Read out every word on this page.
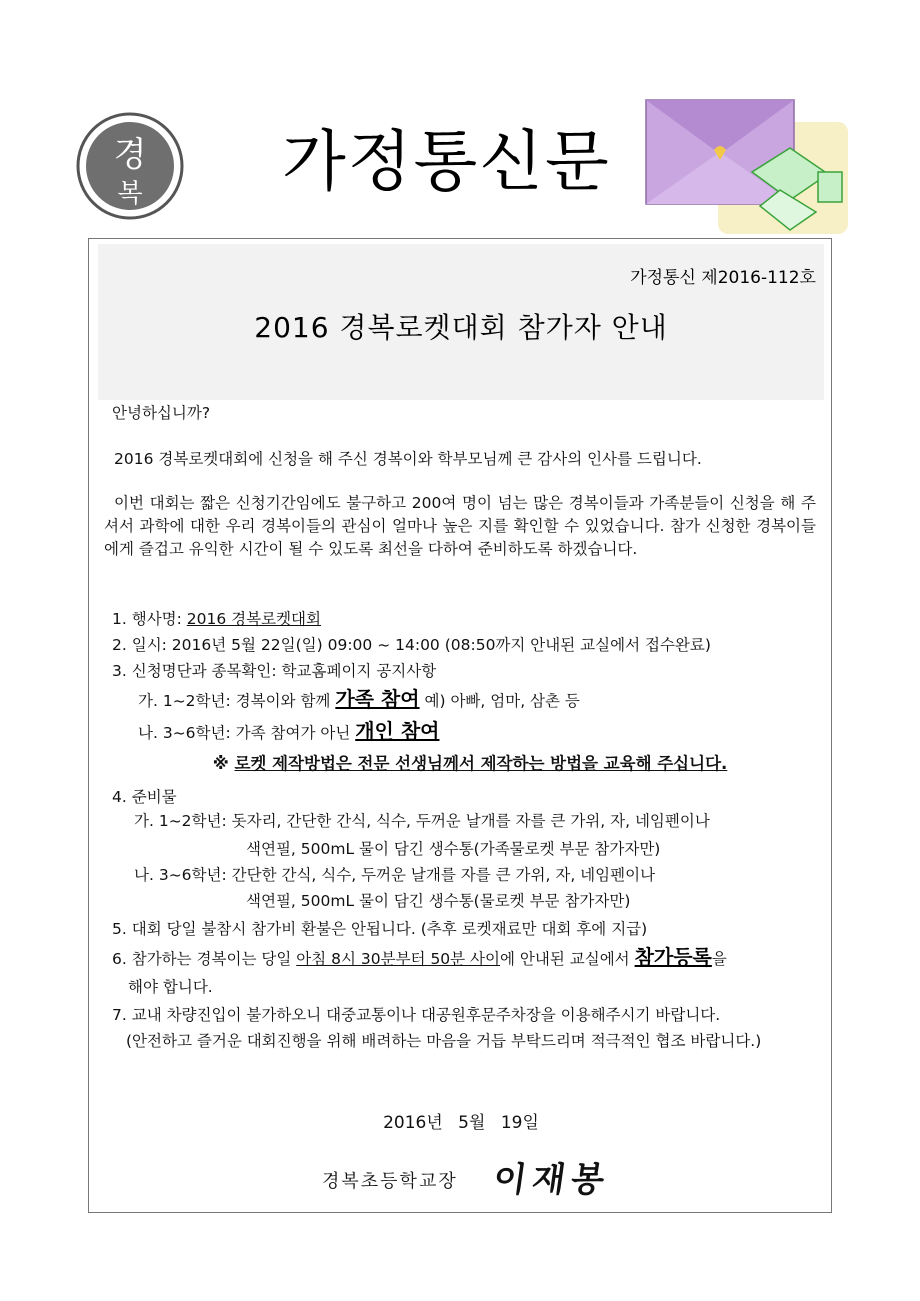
경
복 가정통신문
가정통신 제2016-112호
2016 경복로켓대회 참가자 안내
안녕하십니까?
2016 경복로켓대회에 신청을 해 주신 경복이와 학부모님께 큰 감사의 인사를 드립니다.
이번 대회는 짧은 신청기간임에도 불구하고 200여 명이 넘는 많은 경복이들과 가족분들이 신청을 해 주셔서 과학에 대한 우리 경복이들의 관심이 얼마나 높은 지를 확인할 수 있었습니다. 참가 신청한 경복이들에게 즐겁고 유익한 시간이 될 수 있도록 최선을 다하여 준비하도록 하겠습니다.
1. 행사명: 2016 경복로켓대회
2. 일시: 2016년 5월 22일(일) 09:00 ~ 14:00 (08:50까지 안내된 교실에서 접수완료)
3. 신청명단과 종목확인: 학교홈페이지 공지사항
가. 1~2학년: 경복이와 함께 가족 참여 예) 아빠, 엄마, 삼촌 등
나. 3~6학년: 가족 참여가 아닌 개인 참여
※ 로켓 제작방법은 전문 선생님께서 제작하는 방법을 교육해 주십니다.
4. 준비물
가. 1~2학년: 돗자리, 간단한 간식, 식수, 두꺼운 날개를 자를 큰 가위, 자, 네임펜이나
색연필, 500mL 물이 담긴 생수통(가족물로켓 부문 참가자만)
나. 3~6학년: 간단한 간식, 식수, 두꺼운 날개를 자를 큰 가위, 자, 네임펜이나
색연필, 500mL 물이 담긴 생수통(물로켓 부문 참가자만)
5. 대회 당일 불참시 참가비 환불은 안됩니다. (추후 로켓재료만 대회 후에 지급)
6. 참가하는 경복이는 당일 아침 8시 30분부터 50분 사이에 안내된 교실에서 참가등록을
해야 합니다.
7. 교내 차량진입이 불가하오니 대중교통이나 대공원후문주차장을 이용해주시기 바랍니다.
(안전하고 즐거운 대회진행을 위해 배려하는 마음을 거듭 부탁드리며 적극적인 협조 바랍니다.)
2016년 5월 19일
경복초등학교장 이재봉
